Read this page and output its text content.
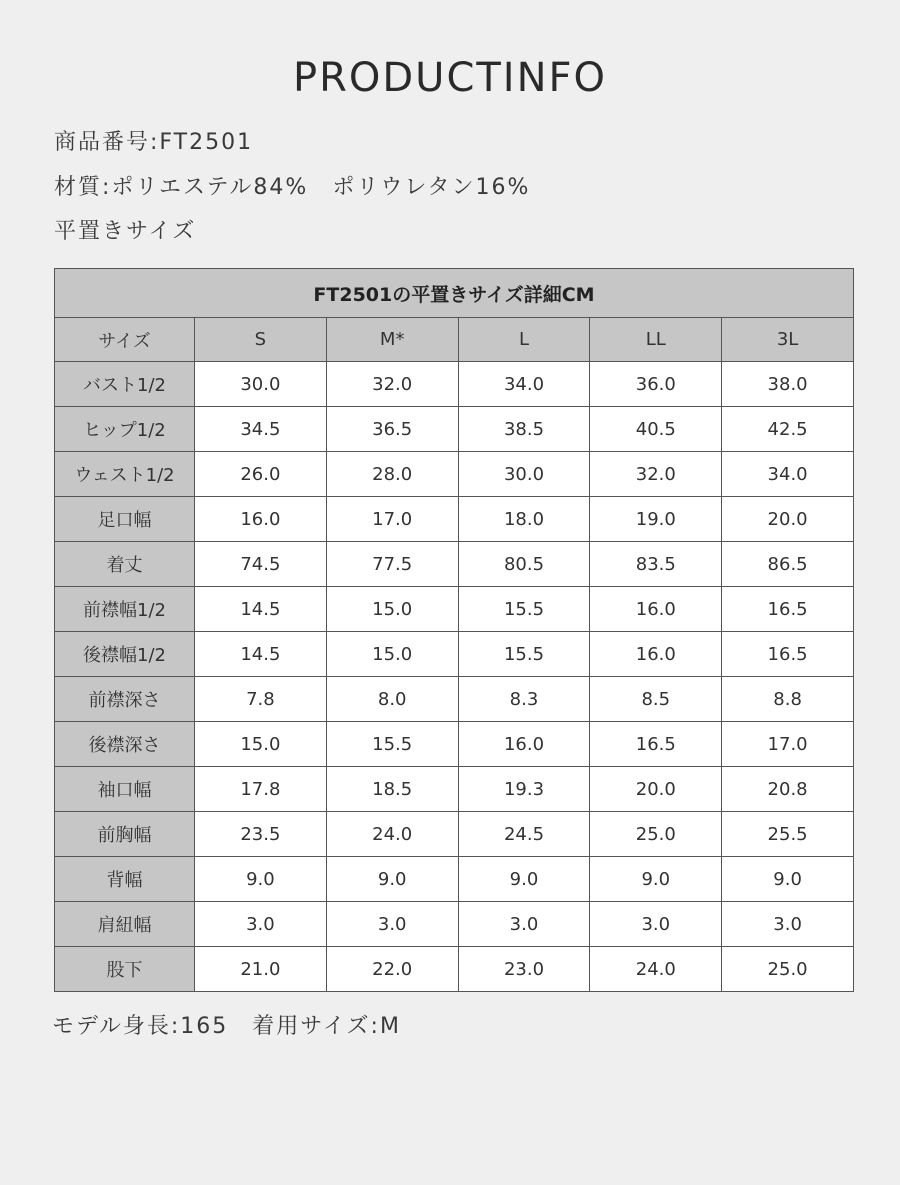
PRODUCTINFO
商品番号:FT2501
材質:ポリエステル84%　ポリウレタン16%
平置きサイズ
FT2501の平置きサイズ詳細CM					
サイズ	S	M*	L	LL	3L
バスト1/2	30.0	32.0	34.0	36.0	38.0
ヒップ1/2	34.5	36.5	38.5	40.5	42.5
ウェスト1/2	26.0	28.0	30.0	32.0	34.0
足口幅	16.0	17.0	18.0	19.0	20.0
着丈	74.5	77.5	80.5	83.5	86.5
前襟幅1/2	14.5	15.0	15.5	16.0	16.5
後襟幅1/2	14.5	15.0	15.5	16.0	16.5
前襟深さ	7.8	8.0	8.3	8.5	8.8
後襟深さ	15.0	15.5	16.0	16.5	17.0
袖口幅	17.8	18.5	19.3	20.0	20.8
前胸幅	23.5	24.0	24.5	25.0	25.5
背幅	9.0	9.0	9.0	9.0	9.0
肩紐幅	3.0	3.0	3.0	3.0	3.0
股下	21.0	22.0	23.0	24.0	25.0
モデル身長:165　着用サイズ:M
